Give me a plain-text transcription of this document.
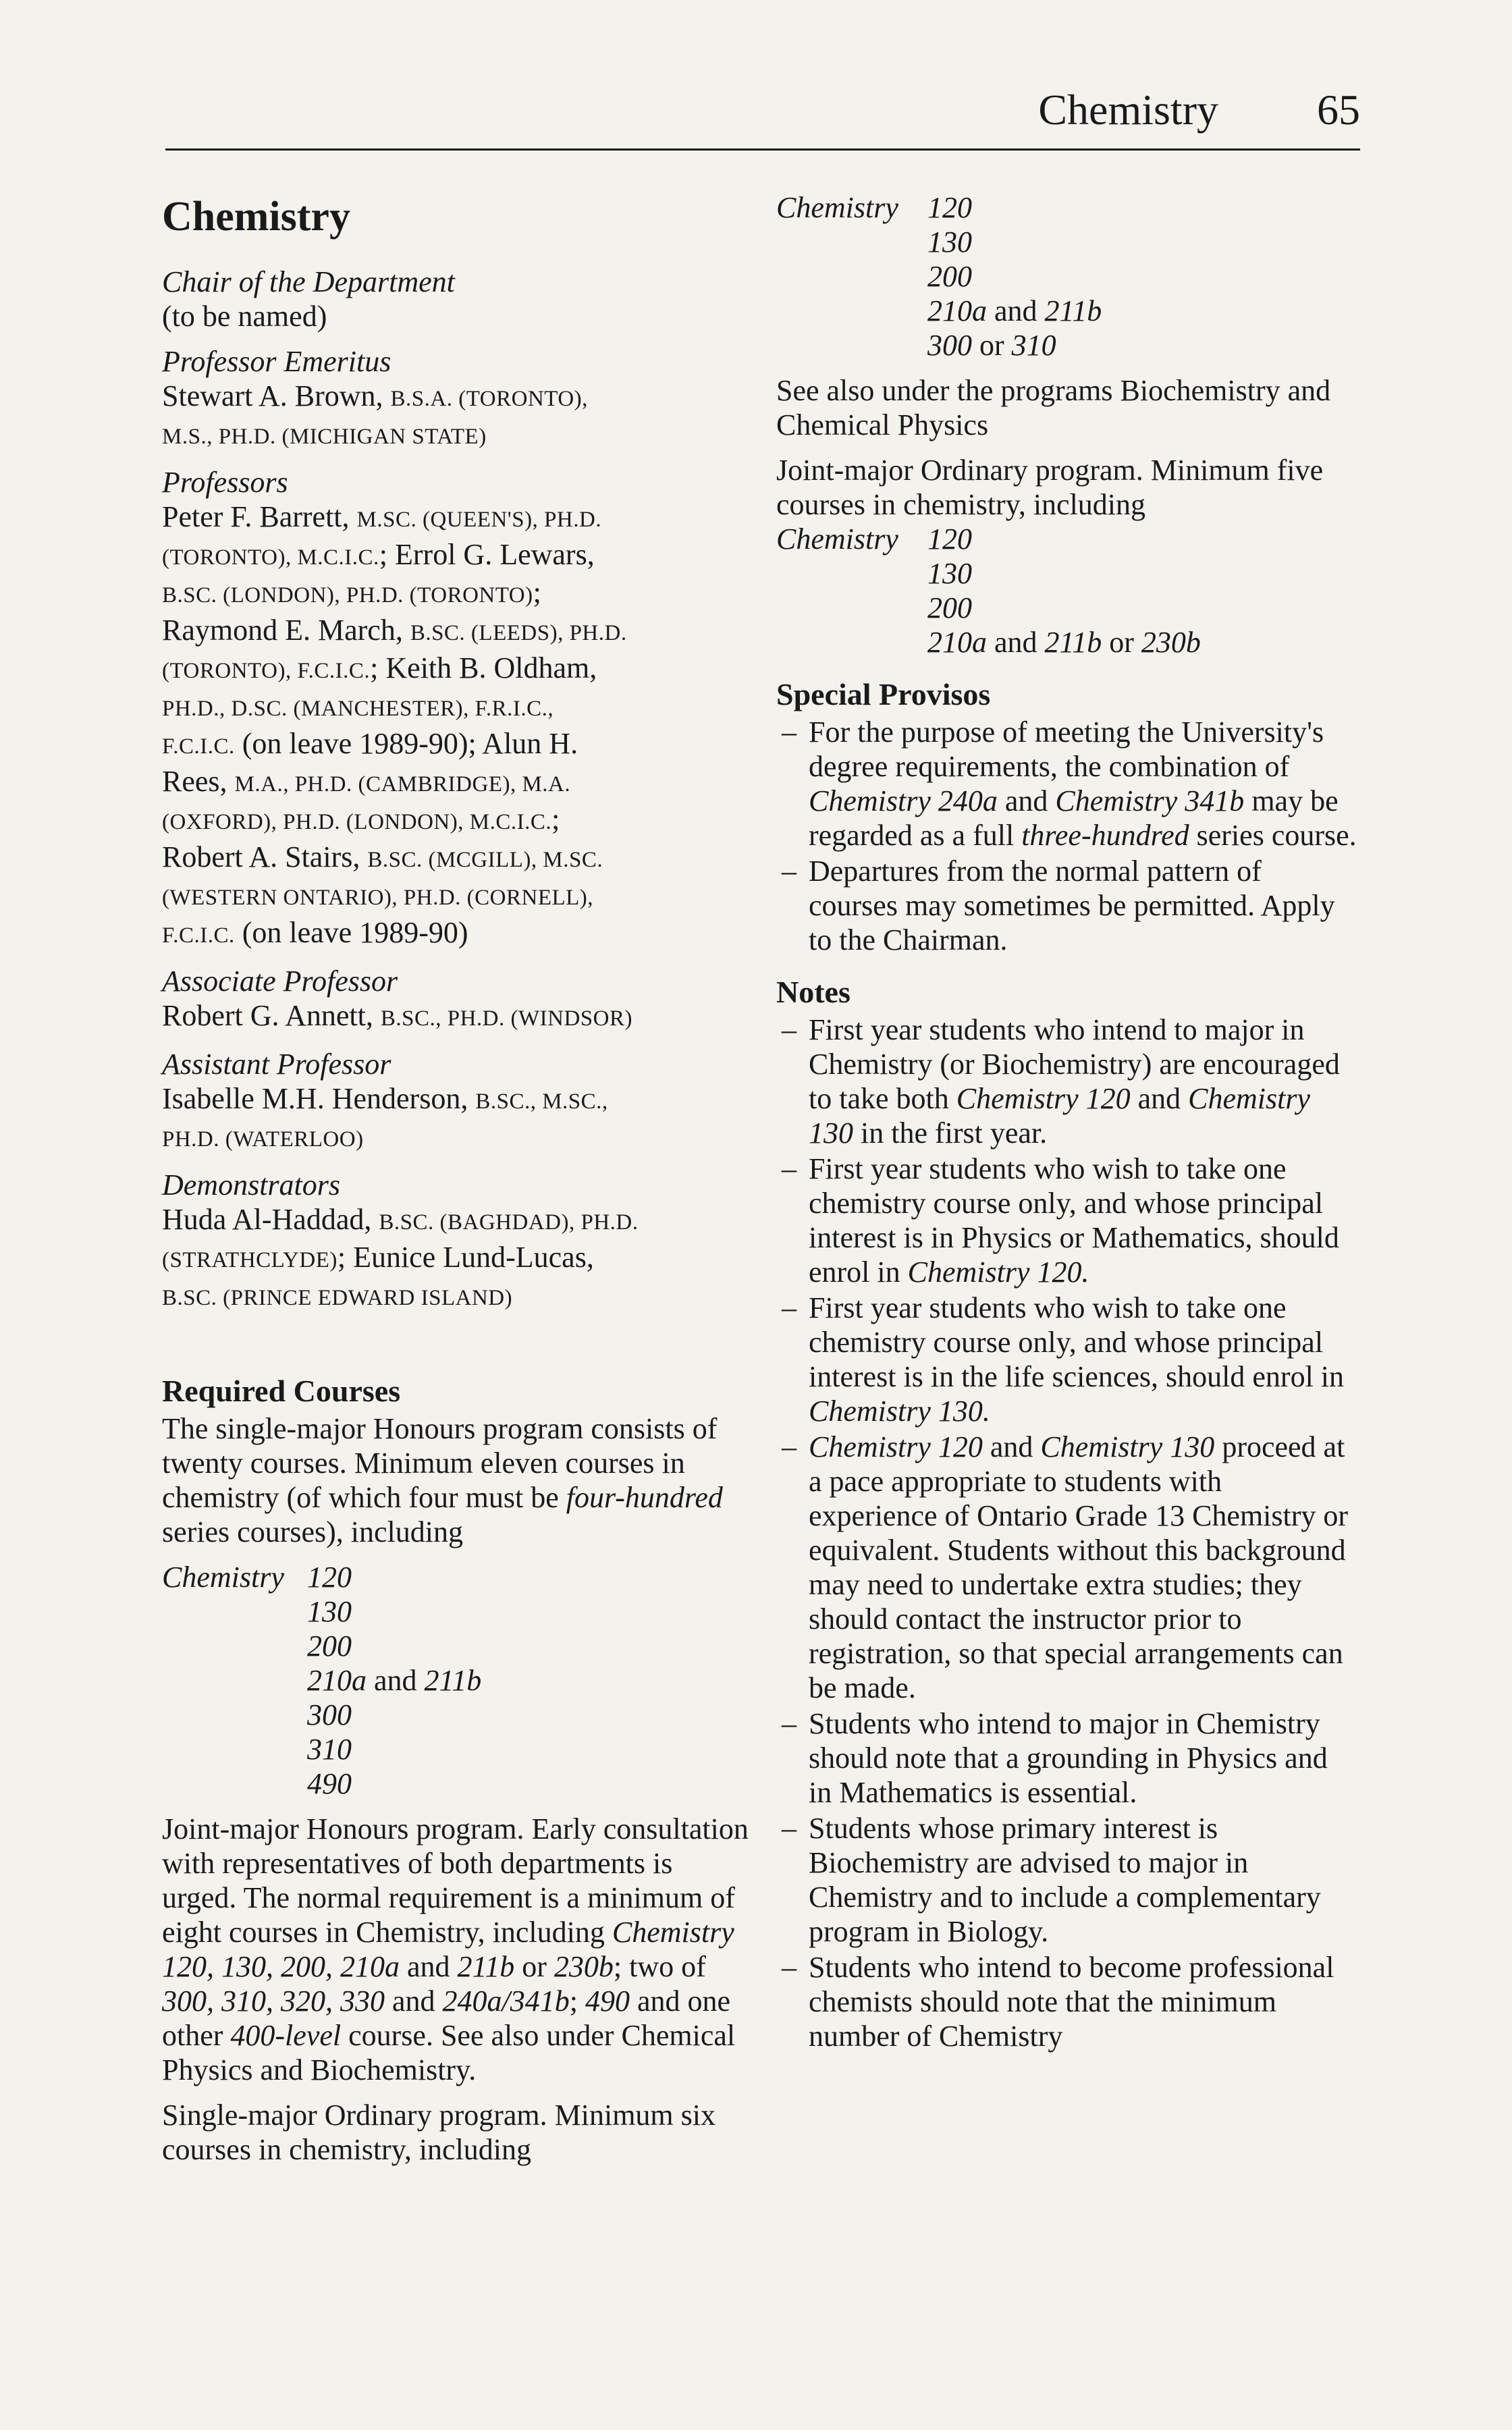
Chemistry 65
Chemistry
Chair of the Department
(to be named)
Professor Emeritus
Stewart A. Brown, B.S.A. (TORONTO),
M.S., PH.D. (MICHIGAN STATE)
Professors
Peter F. Barrett, M.SC. (QUEEN'S), PH.D.
(TORONTO), M.C.I.C.; Errol G. Lewars,
B.SC. (LONDON), PH.D. (TORONTO);
Raymond E. March, B.SC. (LEEDS), PH.D.
(TORONTO), F.C.I.C.; Keith B. Oldham,
PH.D., D.SC. (MANCHESTER), F.R.I.C.,
F.C.I.C. (on leave 1989-90); Alun H.
Rees, M.A., PH.D. (CAMBRIDGE), M.A.
(OXFORD), PH.D. (LONDON), M.C.I.C.;
Robert A. Stairs, B.SC. (MCGILL), M.SC.
(WESTERN ONTARIO), PH.D. (CORNELL),
F.C.I.C. (on leave 1989-90)
Associate Professor
Robert G. Annett, B.SC., PH.D. (WINDSOR)
Assistant Professor
Isabelle M.H. Henderson, B.SC., M.SC.,
PH.D. (WATERLOO)
Demonstrators
Huda Al-Haddad, B.SC. (BAGHDAD), PH.D.
(STRATHCLYDE); Eunice Lund-Lucas,
B.SC. (PRINCE EDWARD ISLAND)
Required Courses

The single-major Honours program consists of twenty courses. Minimum eleven courses in chemistry (of which four must be four-hundred series courses), including

Chemistry 120
130
200
210a and 211b
300
310
490

Joint-major Honours program. Early consultation with representatives of both departments is urged. The normal requirement is a minimum of eight courses in Chemistry, including Chemistry 120, 130, 200, 210a and 211b or 230b; two of 300, 310, 320, 330 and 240a/341b; 490 and one other 400-level course. See also under Chemical Physics and Biochemistry.

Single-major Ordinary program. Minimum six courses in chemistry, including

Chemistry 120
130
200
210a and 211b
300 or 310

See also under the programs Biochemistry and Chemical Physics

Joint-major Ordinary program. Minimum five courses in chemistry, including

Chemistry 120
130
200
210a and 211b or 230b
Special Provisos
– For the purpose of meeting the University's degree requirements, the combination of Chemistry 240a and Chemistry 341b may be regarded as a full three-hundred series course.
– Departures from the normal pattern of courses may sometimes be permitted. Apply to the Chairman.
Notes
– First year students who intend to major in Chemistry (or Biochemistry) are encouraged to take both Chemistry 120 and Chemistry 130 in the first year.
– First year students who wish to take one chemistry course only, and whose principal interest is in Physics or Mathematics, should enrol in Chemistry 120.
– First year students who wish to take one chemistry course only, and whose principal interest is in the life sciences, should enrol in Chemistry 130.
– Chemistry 120 and Chemistry 130 proceed at a pace appropriate to students with experience of Ontario Grade 13 Chemistry or equivalent. Students without this background may need to undertake extra studies; they should contact the instructor prior to registration, so that special arrangements can be made.
– Students who intend to major in Chemistry should note that a grounding in Physics and in Mathematics is essential.
– Students whose primary interest is Biochemistry are advised to major in Chemistry and to include a complementary program in Biology.
– Students who intend to become professional chemists should note that the minimum number of Chemistry
